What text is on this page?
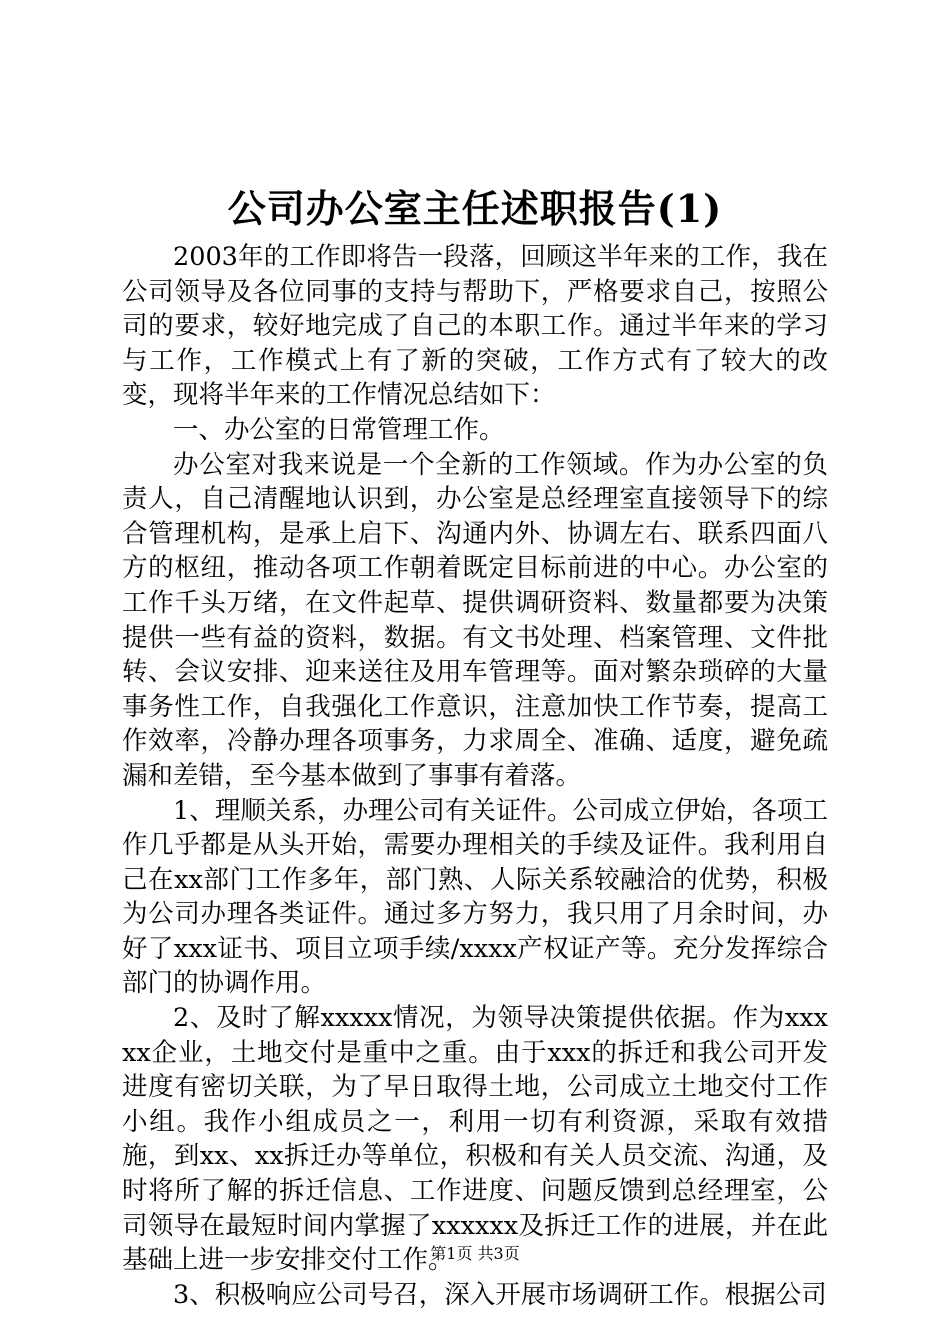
公司办公室主任述职报告(1)

2003年的工作即将告一段落，回顾这半年来的工作，我在公司领导及各位同事的支持与帮助下，严格要求自己，按照公司的要求，较好地完成了自己的本职工作。通过半年来的学习与工作，工作模式上有了新的突破，工作方式有了较大的改变，现将半年来的工作情况总结如下：

一、办公室的日常管理工作。

办公室对我来说是一个全新的工作领域。作为办公室的负责人，自己清醒地认识到，办公室是总经理室直接领导下的综合管理机构，是承上启下、沟通内外、协调左右、联系四面八方的枢纽，推动各项工作朝着既定目标前进的中心。办公室的工作千头万绪，在文件起草、提供调研资料、数量都要为决策提供一些有益的资料，数据。有文书处理、档案管理、文件批转、会议安排、迎来送往及用车管理等。面对繁杂琐碎的大量事务性工作，自我强化工作意识，注意加快工作节奏，提高工作效率，冷静办理各项事务，力求周全、准确、适度，避免疏漏和差错，至今基本做到了事事有着落。

1、理顺关系，办理公司有关证件。公司成立伊始，各项工作几乎都是从头开始，需要办理相关的手续及证件。我利用自己在xx部门工作多年，部门熟、人际关系较融洽的优势，积极为公司办理各类证件。通过多方努力，我只用了月余时间，办好了xxx证书、项目立项手续/xxxx产权证产等。充分发挥综合部门的协调作用。

2、及时了解xxxxx情况，为领导决策提供依据。作为xxxxx企业，土地交付是重中之重。由于xxx的拆迁和我公司开发进度有密切关联，为了早日取得土地，公司成立土地交付工作小组。我作小组成员之一，利用一切有利资源，采取有效措施，到xx、xx拆迁办等单位，积极和有关人员交流、沟通，及时将所了解的拆迁信息、工作进度、问题反馈到总经理室，公司领导在最短时间内掌握了xxxxxx及拆迁工作的进展，并在此基础上进一步安排交付工作。

3、积极响应公司号召，深入开展市场调研工作。根据公司

第1页 共3页
